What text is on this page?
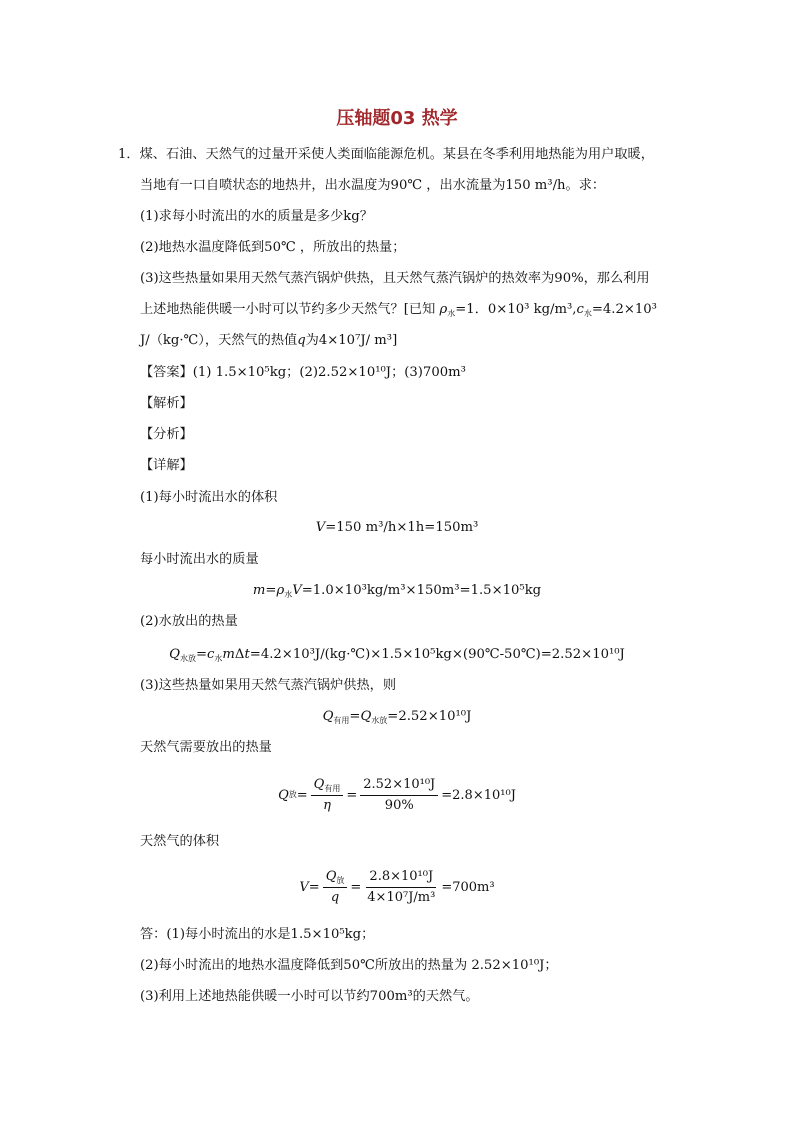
压轴题03 热学
1．煤、石油、天然气的过量开采使人类面临能源危机。某县在冬季利用地热能为用户取暖，
当地有一口自喷状态的地热井，出水温度为90℃ ，出水流量为150 m³/h。求：
(1)求每小时流出的水的质量是多少kg？
(2)地热水温度降低到50℃ ，所放出的热量；
(3)这些热量如果用天然气蒸汽锅炉供热，且天然气蒸汽锅炉的热效率为90%，那么利用
上述地热能供暖一小时可以节约多少天然气？[已知 $\rho_水=1$．0×10³ $kg/m^3,c_水=4.2\times 10^3$
J/（kg·℃），天然气的热值q为4×10⁷J/ m³]
【答案】(1) 1.5×10⁵kg；(2)2.52×10¹⁰J；(3)700m³
【解析】
【分析】
【详解】
(1)每小时流出水的体积
V=150 m³/h×1h=150m³
每小时流出水的质量
$m=\rho_水V=1.0\times 10^3kg/m^3\times 150m^3=1.5\times 10^5kg$
(2)水放出的热量
$Q_{水放}=c_水m\Delta t=4.2\times 10^3J/(kg\cdot℃)\times 1.5\times 10^5kg\times(90℃-50℃)=2.52\times 10^{10}J$
(3)这些热量如果用天然气蒸汽锅炉供热，则
$Q_{有用}=Q_{水放}=2.52\times 10^{10}J$
天然气需要放出的热量
Q 放 = $\frac{Q_{有用}}{\eta} = \frac{\text{2.52×10¹⁰J}}{90\%} =2.8\times 10^{10}J$
天然气的体积
$V = \frac{Q_放}{q} = \frac{\text{2.8×10¹⁰J}}{\text{4×10⁷J/m³}} =700m^3$
答：(1)每小时流出的水是1.5×10⁵kg；
(2)每小时流出的地热水温度降低到50℃所放出的热量为 2.52×10¹⁰J；
(3)利用上述地热能供暖一小时可以节约700m³的天然气。
